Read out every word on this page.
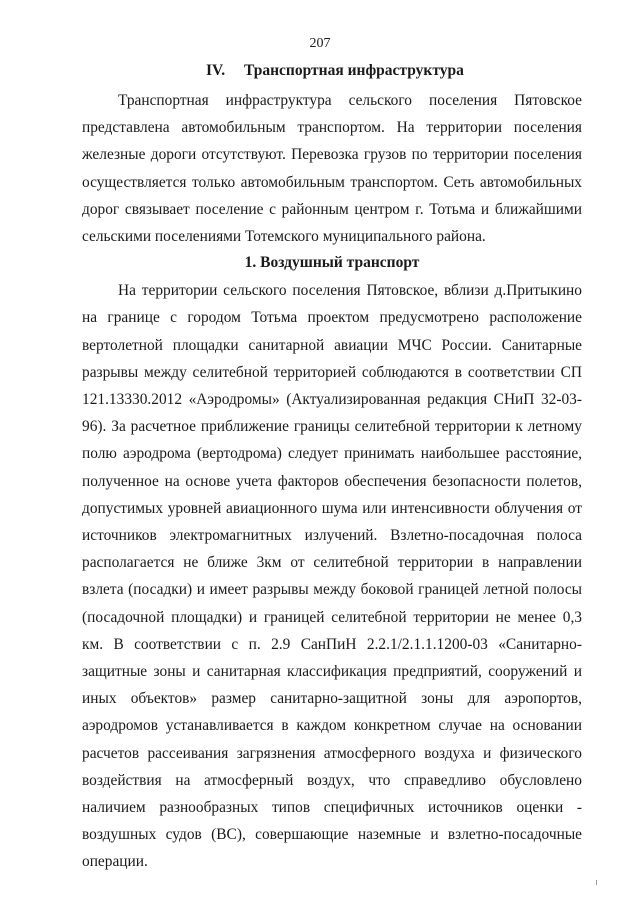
207
IV. Транспортная инфраструктура

Транспортная инфраструктура сельского поселения Пятовское представлена автомобильным транспортом. На территории поселения железные дороги отсутствуют. Перевозка грузов по территории поселения осуществляется только автомобильным транспортом. Сеть автомобильных дорог связывает поселение с районным центром г. Тотьма и ближайшими сельскими поселениями Тотемского муниципального района.

1. Воздушный транспорт

На территории сельского поселения Пятовское, вблизи д.Притыкино на границе с городом Тотьма проектом предусмотрено расположение вертолетной площадки санитарной авиации МЧС России. Санитарные разрывы между селитебной территорией соблюдаются в соответствии СП 121.13330.2012 «Аэродромы» (Актуализированная редакция СНиП 32-03-96). За расчетное приближение границы селитебной территории к летному полю аэродрома (вертодрома) следует принимать наибольшее расстояние, полученное на основе учета факторов обеспечения безопасности полетов, допустимых уровней авиационного шума или интенсивности облучения от источников электромагнитных излучений. Взлетно-посадочная полоса располагается не ближе 3км от селитебной территории в направлении взлета (посадки) и имеет разрывы между боковой границей летной полосы (посадочной площадки) и границей селитебной территории не менее 0,3 км. В соответствии с п. 2.9 СанПиН 2.2.1/2.1.1.1200-03 «Санитарно-защитные зоны и санитарная классификация предприятий, сооружений и иных объектов» размер санитарно-защитной зоны для аэропортов, аэродромов устанавливается в каждом конкретном случае на основании расчетов рассеивания загрязнения атмосферного воздуха и физического воздействия на атмосферный воздух, что справедливо обусловлено наличием разнообразных типов специфичных источников оценки - воздушных судов (ВС), совершающие наземные и взлетно-посадочные операции.
